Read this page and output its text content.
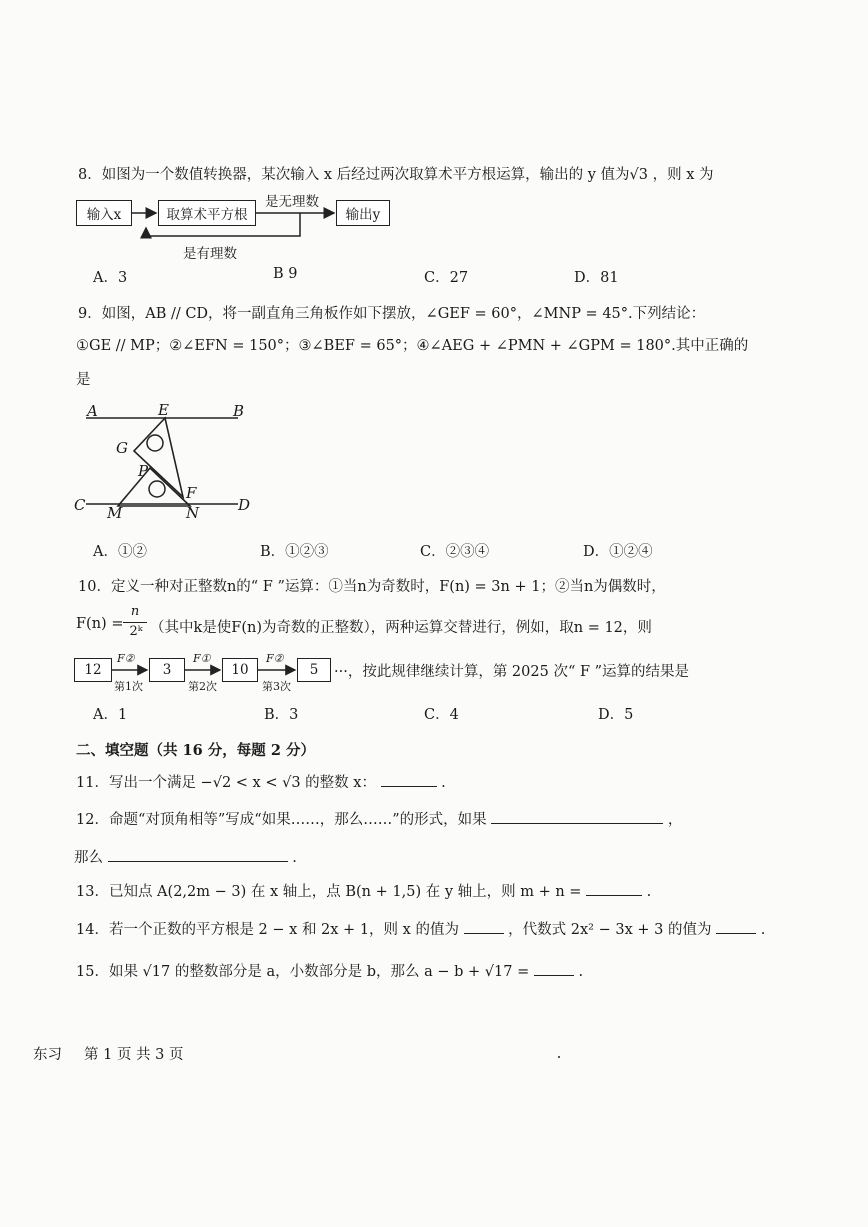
8．如图为一个数值转换器，某次输入 x 后经过两次取算术平方根运算，输出的 y 值为√3 ，则 x 为
输入x	取算术平方根	输出y
是无理数
是有理数
A．3	B 9	C．27	D．81
9．如图，AB // CD，将一副直角三角板作如下摆放，∠GEF = 60°，∠MNP = 45°.下列结论：
①GE // MP；②∠EFN = 150°；③∠BEF = 65°；④∠AEG + ∠PMN + ∠GPM = 180°.其中正确的
是
A	E	B
G
P
F
C M	N	D
A．①②	B．①②③	C．②③④	D．①②④
10．定义一种对正整数n的“ F ”运算：①当n为奇数时，F(n) = 3n + 1；②当n为偶数时，
F(n) =
n
2ᵏ （其中k是使F(n)为奇数的正整数），两种运算交替进行，例如，取n = 12，则
12	3	10	5
F②	F①	F②
第1次	第2次	第3次
···，按此规律继续计算，第 2025 次“ F ”运算的结果是
A．1	B．3	C．4	D．5
二、填空题（共 16 分，每题 2 分）
11．写出一个满足 −√2 < x < √3 的整数 x：	.
12．命题“对顶角相等”写成“如果……，那么……”的形式，如果	，
那么	.
13．已知点 A(2,2m − 3) 在 x 轴上，点 B(n + 1,5) 在 y 轴上，则 m + n =	.
14．若一个正数的平方根是 2 − x 和 2x + 1，则 x 的值为	，代数式 2x² − 3x + 3 的值为	.
15．如果 √17 的整数部分是 a，小数部分是 b，那么 a − b + √17 =	.
东习 第 1 页 共 3 页
